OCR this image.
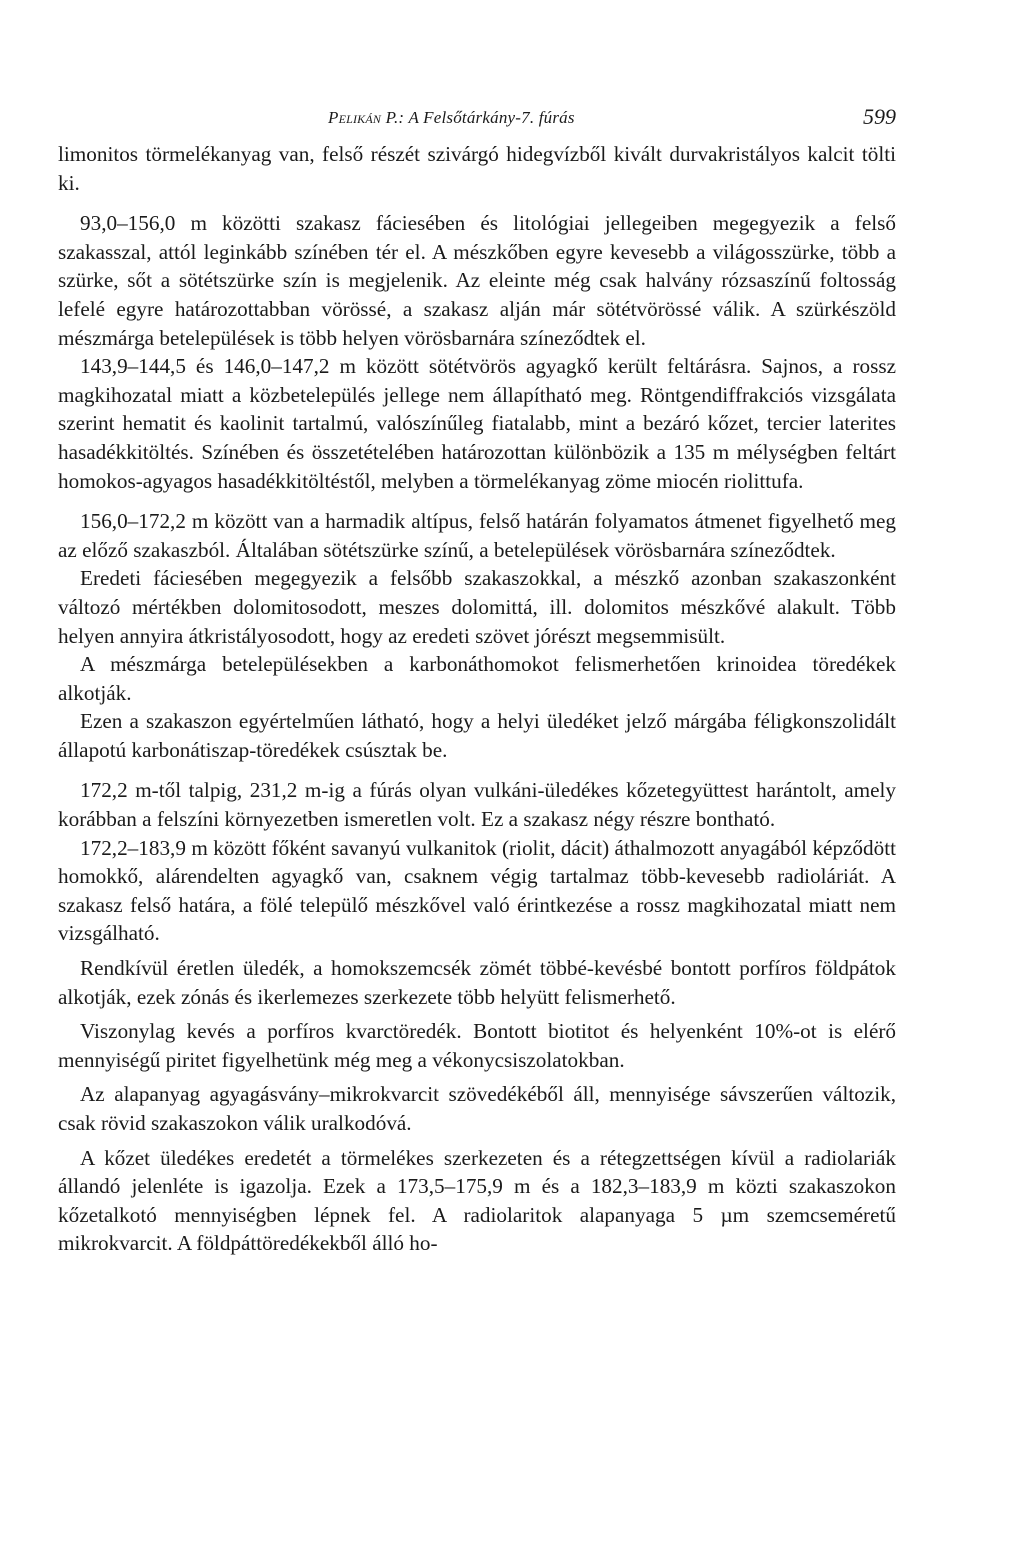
Pelikán P.: A Felsőtárkány-7. fúrás	599

limonitos törmelékanyag van, felső részét szivárgó hidegvízből kivált durvakristályos kalcit tölti ki.

93,0–156,0 m közötti szakasz fáciesében és litológiai jellegeiben megegyezik a felső szakasszal, attól leginkább színében tér el. A mészkőben egyre kevesebb a világosszürke, több a szürke, sőt a sötétszürke szín is megjelenik. Az eleinte még csak halvány rózsaszínű foltosság lefelé egyre határozottabban vörössé, a szakasz alján már sötétvörössé válik. A szürkészöld mészmárga betelepülések is több helyen vörösbarnára színeződtek el.

143,9–144,5 és 146,0–147,2 m között sötétvörös agyagkő került feltárásra. Sajnos, a rossz magkihozatal miatt a közbetelepülés jellege nem állapítható meg. Röntgendiffrakciós vizsgálata szerint hematit és kaolinit tartalmú, valószínűleg fiatalabb, mint a bezáró kőzet, tercier laterites hasadékkitöltés. Színében és összetételében határozottan különbözik a 135 m mélységben feltárt homokos-agyagos hasadékkitöltéstől, melyben a törmelékanyag zöme miocén riolittufa.

156,0–172,2 m között van a harmadik altípus, felső határán folyamatos átmenet figyelhető meg az előző szakaszból. Általában sötétszürke színű, a betelepülések vörösbarnára színeződtek.

Eredeti fáciesében megegyezik a felsőbb szakaszokkal, a mészkő azonban szakaszonként változó mértékben dolomitosodott, meszes dolomittá, ill. dolomitos mészkővé alakult. Több helyen annyira átkristályosodott, hogy az eredeti szövet jórészt megsemmisült.

A mészmárga betelepülésekben a karbonáthomokot felismerhetően krinoidea töredékek alkotják.

Ezen a szakaszon egyértelműen látható, hogy a helyi üledéket jelző márgába féligkonszolidált állapotú karbonátiszap-töredékek csúsztak be.

172,2 m-től talpig, 231,2 m-ig a fúrás olyan vulkáni-üledékes kőzetegyüttest harántolt, amely korábban a felszíni környezetben ismeretlen volt. Ez a szakasz négy részre bontható.

172,2–183,9 m között főként savanyú vulkanitok (riolit, dácit) áthalmozott anyagából képződött homokkő, alárendelten agyagkő van, csaknem végig tartalmaz több-kevesebb radioláriát. A szakasz felső határa, a fölé települő mészkővel való érintkezése a rossz magkihozatal miatt nem vizsgálható.

Rendkívül éretlen üledék, a homokszemcsék zömét többé-kevésbé bontott porfíros földpátok alkotják, ezek zónás és ikerlemezes szerkezete több helyütt felismerhető.

Viszonylag kevés a porfíros kvarctöredék. Bontott biotitot és helyenként 10%-ot is elérő mennyiségű piritet figyelhetünk még meg a vékonycsiszolatokban.

Az alapanyag agyagásvány–mikrokvarcit szövedékéből áll, mennyisége sávszerűen változik, csak rövid szakaszokon válik uralkodóvá.

A kőzet üledékes eredetét a törmelékes szerkezeten és a rétegzettségen kívül a radiolariák állandó jelenléte is igazolja. Ezek a 173,5–175,9 m és a 182,3–183,9 m közti szakaszokon kőzetalkotó mennyiségben lépnek fel. A radiolaritok alapanyaga 5 µm szemcseméretű mikrokvarcit. A földpáttöredékekből álló ho-
